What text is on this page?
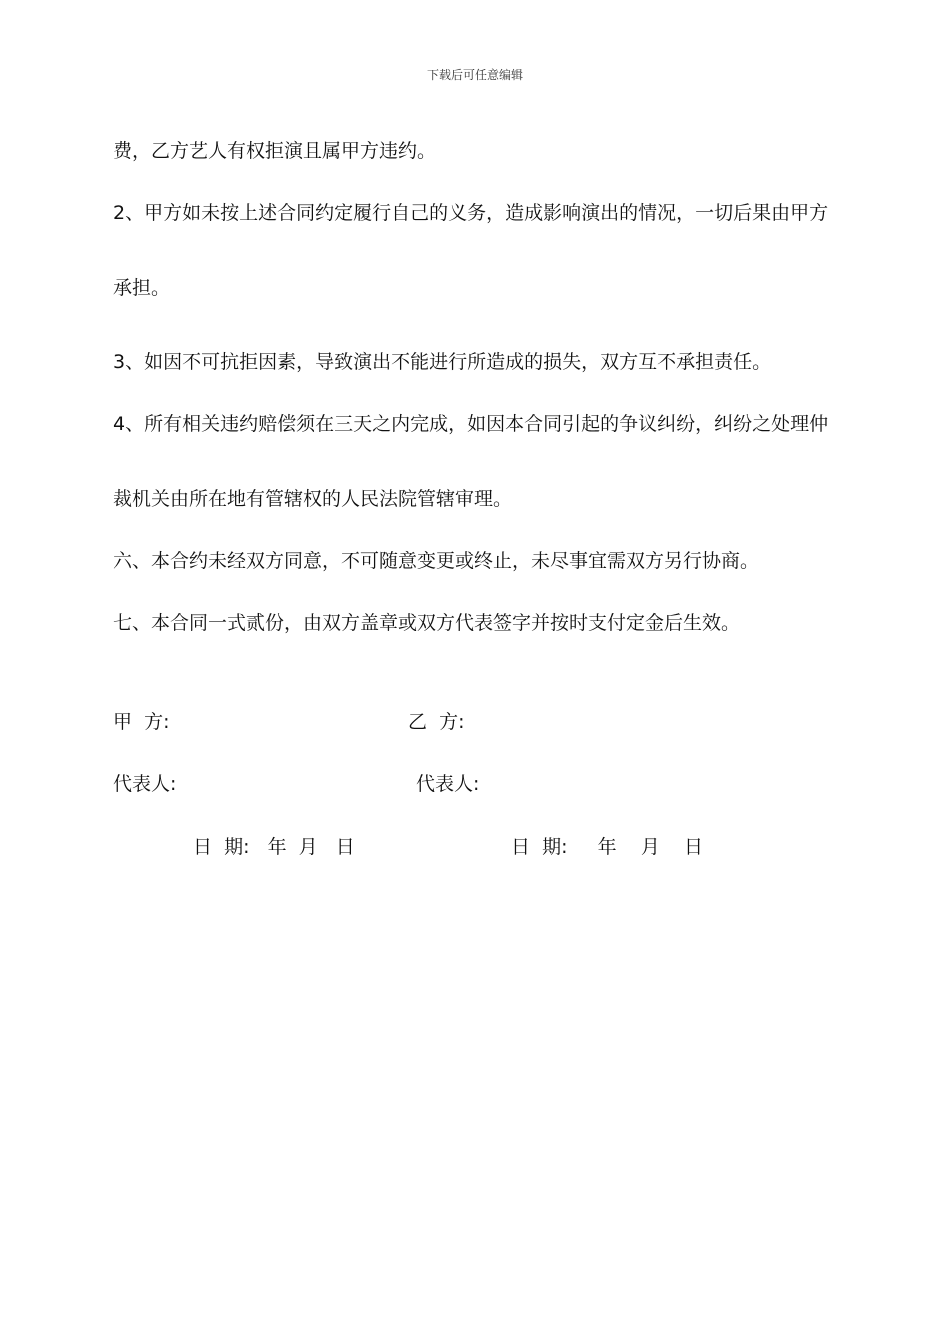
下载后可任意编辑
费，乙方艺人有权拒演且属甲方违约。
2、甲方如未按上述合同约定履行自己的义务，造成影响演出的情况，一切后果由甲方
承担。
3、如因不可抗拒因素，导致演出不能进行所造成的损失，双方互不承担责任。
4、所有相关违约赔偿须在三天之内完成，如因本合同引起的争议纠纷，纠纷之处理仲
裁机关由所在地有管辖权的人民法院管辖审理。
六、本合约未经双方同意，不可随意变更或终止，未尽事宜需双方另行协商。
七、本合同一式贰份，由双方盖章或双方代表签字并按时支付定金后生效。
甲  方:	乙  方:
代表人:	代表人:
日  期:   年  月   日	日  期:     年    月    日
